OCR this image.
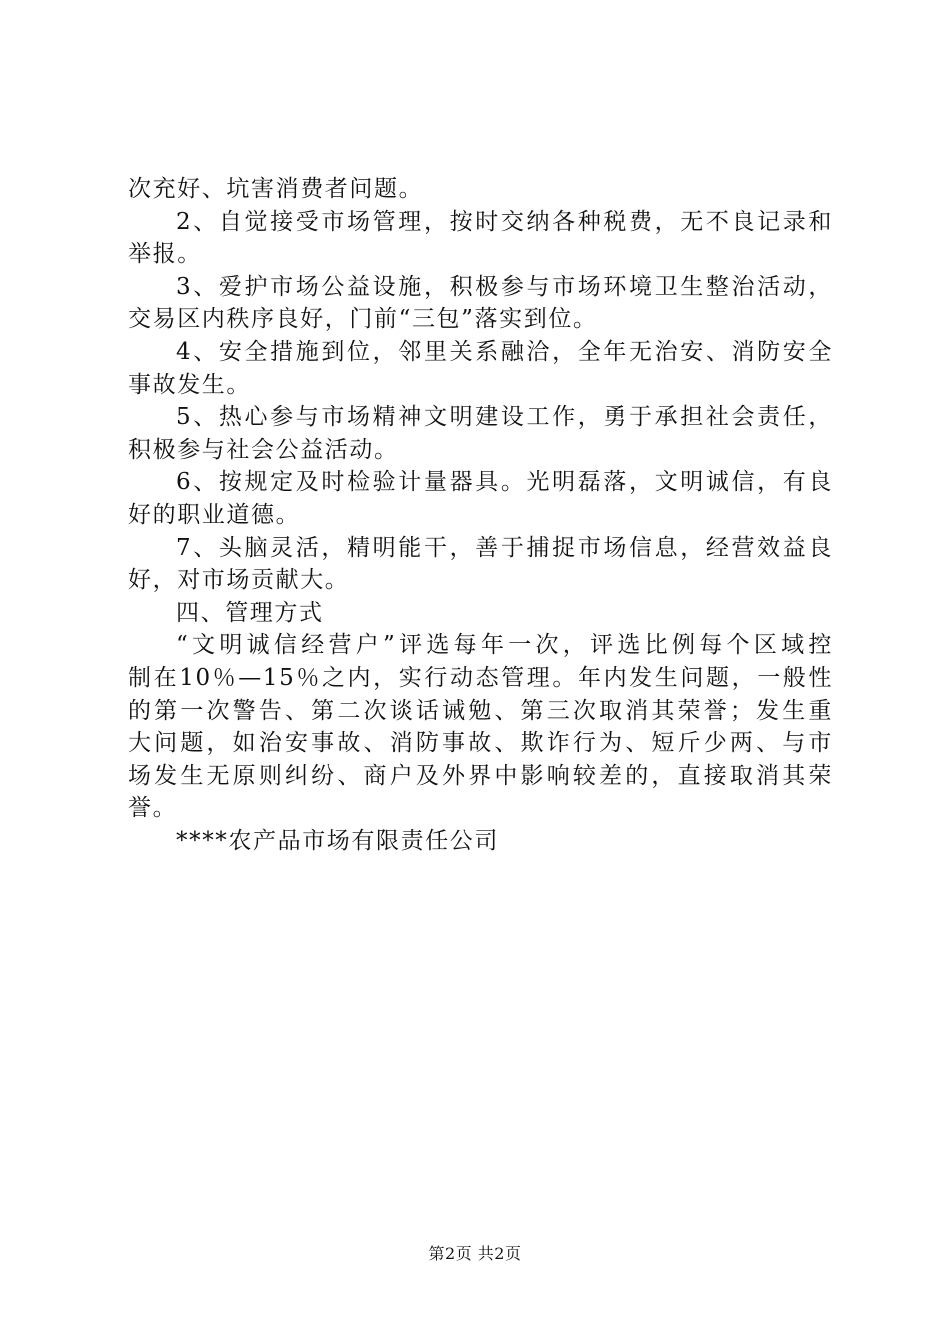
次充好、坑害消费者问题。
2、自觉接受市场管理，按时交纳各种税费，无不良记录和
举报。
3、爱护市场公益设施，积极参与市场环境卫生整治活动，
交易区内秩序良好，门前“三包”落实到位。
4、安全措施到位，邻里关系融洽，全年无治安、消防安全
事故发生。
5、热心参与市场精神文明建设工作，勇于承担社会责任，
积极参与社会公益活动。
6、按规定及时检验计量器具。光明磊落，文明诚信，有良
好的职业道德。
7、头脑灵活，精明能干，善于捕捉市场信息，经营效益良
好，对市场贡献大。
四、管理方式
“文明诚信经营户”评选每年一次，评选比例每个区域控
制在10％—15％之内，实行动态管理。年内发生问题，一般性
的第一次警告、第二次谈话诫勉、第三次取消其荣誉；发生重
大问题，如治安事故、消防事故、欺诈行为、短斤少两、与市
场发生无原则纠纷、商户及外界中影响较差的，直接取消其荣
誉。
****农产品市场有限责任公司
第2页 共2页
